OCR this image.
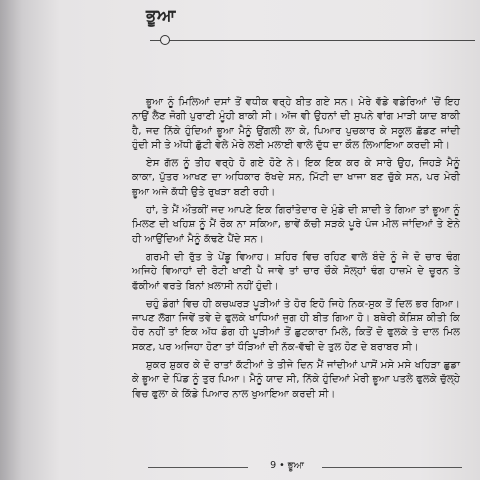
ਭੂਆ

ਭੂਆ ਨੂੰ ਮਿਲਿਆਂ ਦਸਾਂ ਤੋਂ ਵਧੀਕ ਵਰ੍ਹੇ ਬੀਤ ਗਏ ਸਨ। ਮੇਰੇ ਵੱਡੇ ਵਡੇਰਿਆਂ 'ਚੋਂ ਇਹ ਨਾਉਂ ਲੈਣ ਜੋਗੀ ਪੁਰਾਣੀ ਮੂੰਹੀ ਬਾਕੀ ਸੀ। ਅੱਜ ਵੀ ਉਹਨਾਂ ਦੀ ਸੁਪਨੇ ਵਾਂਗ ਮਾੜੀ ਯਾਦ ਬਾਕੀ ਹੈ, ਜਦ ਨਿੱਕੇ ਹੁੰਦਿਆਂ ਭੂਆ ਮੈਨੂੰ ਉਂਗਲੀ ਲਾ ਕੇ, ਪਿਆਰ ਪੁਚਕਾਰ ਕੇ ਸਕੂਲ ਛੱਡਣ ਜਾਂਦੀ ਹੁੰਦੀ ਸੀ ਤੇ ਅੱਧੀ ਛੁੱਟੀ ਵੇਲੇ ਮੇਰੇ ਲਈ ਮਲਾਈ ਵਾਲੇ ਦੁੱਧ ਦਾ ਕੌਲ ਲਿਆਇਆ ਕਰਦੀ ਸੀ।

ਏਸ ਗੱਲ ਨੂੰ ਤੀਹ ਵਰ੍ਹੇ ਹੋ ਗਏ ਹੋਣੇ ਨੇ। ਇਕ ਇਕ ਕਰ ਕੇ ਸਾਰੇ ਉਹ, ਜਿਹੜੇ ਮੈਨੂੰ ਕਾਕਾ, ਪੁੱਤਰ ਆਖਣ ਦਾ ਅਧਿਕਾਰ ਰੱਖਦੇ ਸਨ, ਮਿੱਟੀ ਦਾ ਖਾਜਾ ਬਣ ਚੁੱਕੇ ਸਨ, ਪਰ ਮੇਰੀ ਭੂਆ ਅਜੇ ਕੱਧੀ ਉਤੇ ਰੁਖੜਾ ਬਣੀ ਰਹੀ।

ਹਾਂ, ਤੇ ਮੈਂ ਔਤਕੀਂ ਜਦ ਆਪਣੇ ਇਕ ਗਿਰਾਂਤੇਦਾਰ ਦੇ ਮੁੰਡੇ ਦੀ ਸ਼ਾਦੀ ਤੇ ਗਿਆ ਤਾਂ ਭੂਆ ਨੂੰ ਮਿਲਣ ਦੀ ਖਹਿਸ਼ ਨੂੰ ਮੈਂ ਰੋਕ ਨਾ ਸਕਿਆ, ਭਾਵੇਂ ਕੱਚੀ ਸੜਕੇ ਪੂਰੇ ਪੰਜ ਮੀਲ ਜਾਂਦਿਆਂ ਤੇ ਏਨੇ ਹੀ ਆਉਂਦਿਆਂ ਮੈਨੂੰ ਕੱਢਣੇ ਪੈਂਦੇ ਸਨ।

ਗਰਮੀ ਦੀ ਰੁੱਤ ਤੇ ਪੇਂਡੂ ਵਿਆਹ। ਸ਼ਹਿਰ ਵਿਚ ਰਹਿਣ ਵਾਲੇ ਬੰਦੇ ਨੂੰ ਜੇ ਦੋ ਚਾਰ ਢੰਗ ਅਜਿਹੇ ਵਿਆਹਾਂ ਦੀ ਰੋਟੀ ਖਾਣੀ ਪੈ ਜਾਵੇ ਤਾਂ ਚਾਰ ਚੌਕੇ ਸੋਲ੍ਹਾਂ ਢੰਗ ਹਾਜ਼ਮੇ ਦੇ ਚੂਰਨ ਤੇ ਫੱਕੀਆਂ ਵਰਤੇ ਬਿਨਾਂ ਖ਼ਲਾਸੀ ਨਹੀਂ ਹੁੰਦੀ।

ਚਹੁੰ ਡੰਗਾਂ ਵਿਚ ਹੀ ਕਚਘਰੜ ਪੂੜੀਆਂ ਤੇ ਹੋਰ ਇਹੋ ਜਿਹੇ ਨਿਕ-ਸੁਕ ਤੋਂ ਦਿਲ ਭਰ ਗਿਆ। ਜਾਪਣ ਲੱਗਾ ਜਿਵੇਂ ਤਵੇ ਦੇ ਫੁਲਕੇ ਖਾਧਿਆਂ ਜੁਗ ਹੀ ਬੀਤ ਗਿਆ ਹੋ। ਬਥੇਰੀ ਕੋਸ਼ਿਸ਼ ਕੀਤੀ ਕਿ ਹੋਰ ਨਹੀਂ ਤਾਂ ਇਕ ਅੱਧ ਡੰਗ ਹੀ ਪੂੜੀਆਂ ਤੋਂ ਛੁਟਕਾਰਾ ਮਿਲੇ, ਕਿਤੋਂ ਦੋ ਫੁਲਕੇ ਤੇ ਦਾਲ ਮਿਲ ਸਕਣ, ਪਰ ਅਜਿਹਾ ਹੋਣਾ ਤਾਂ ਧੌੜਿਆਂ ਦੀ ਨੱਕ-ਵੱਢੀ ਦੇ ਤੁਲ ਹੋਣ ਦੇ ਬਰਾਬਰ ਸੀ।

ਸ਼ੁਕਰ ਸ਼ੁਕਰ ਕੇ ਦੋ ਰਾਤਾਂ ਕੱਟੀਆਂ ਤੇ ਤੀਜੇ ਦਿਨ ਮੈਂ ਜਾਂਦੀਆਂ ਪਾਸੋਂ ਮਸੇ ਮਸੇ ਖਹਿੜਾ ਛੁਡਾ ਕੇ ਭੂਆ ਦੇ ਪਿੰਡ ਨੂੰ ਤੁਰ ਪਿਆ। ਮੈਨੂੰ ਯਾਦ ਸੀ, ਨਿੱਕੇ ਹੁੰਦਿਆਂ ਮੇਰੀ ਭੂਆ ਪਤਲੇ ਫੁਲਕੇ ਚੁੱਲ੍ਹੇ ਵਿਚ ਫੁਲਾ ਕੇ ਕਿੱਡੇ ਪਿਆਰ ਨਾਲ ਖੁਆਇਆ ਕਰਦੀ ਸੀ।

9 • ਭੂਆ
